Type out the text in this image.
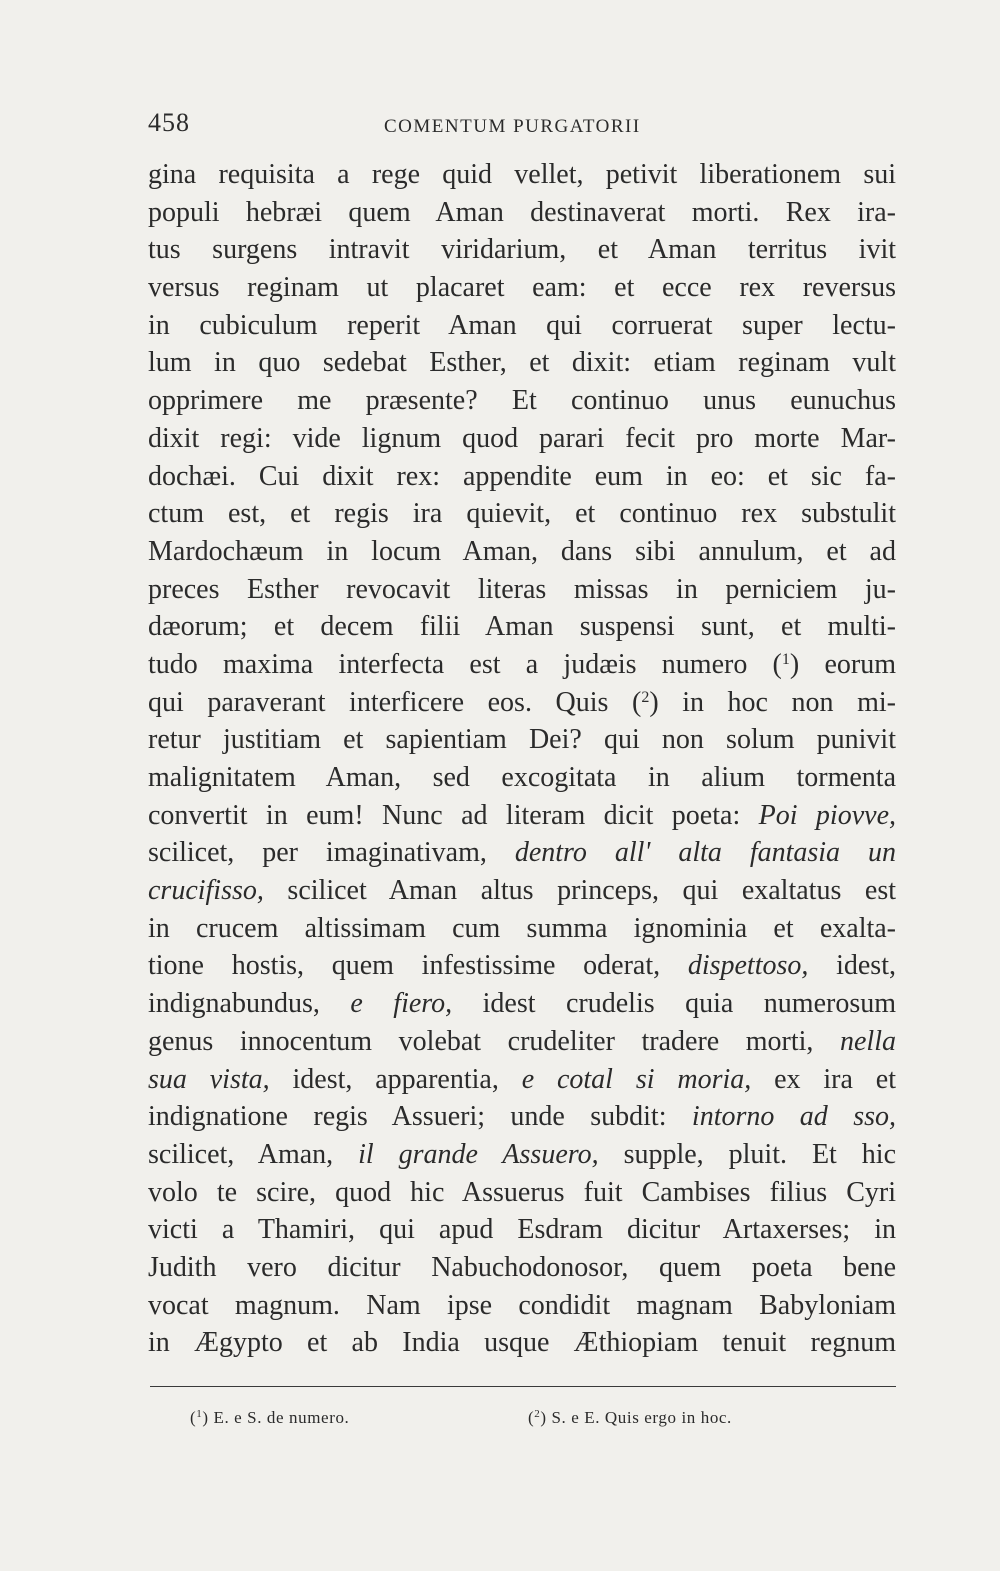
458	COMENTUM PURGATORII
gina requisita a rege quid vellet, petivit liberationem sui
populi hebræi quem Aman destinaverat morti. Rex ira-
tus surgens intravit viridarium, et Aman territus ivit
versus reginam ut placaret eam: et ecce rex reversus
in cubiculum reperit Aman qui corruerat super lectu-
lum in quo sedebat Esther, et dixit: etiam reginam vult
opprimere me præsente? Et continuo unus eunuchus
dixit regi: vide lignum quod parari fecit pro morte Mar-
dochæi. Cui dixit rex: appendite eum in eo: et sic fa-
ctum est, et regis ira quievit, et continuo rex substulit
Mardochæum in locum Aman, dans sibi annulum, et ad
preces Esther revocavit literas missas in perniciem ju-
dæorum; et decem filii Aman suspensi sunt, et multi-
tudo maxima interfecta est a judæis numero ($^1$) eorum
qui paraverant interficere eos. Quis ($^2$) in hoc non mi-
retur justitiam et sapientiam Dei? qui non solum punivit
malignitatem Aman, sed excogitata in alium tormenta
convertit in eum! Nunc ad literam dicit poeta: Poi piovve,
scilicet, per imaginativam, dentro all' alta fantasia un
crucifisso, scilicet Aman altus princeps, qui exaltatus est
in crucem altissimam cum summa ignominia et exalta-
tione hostis, quem infestissime oderat, dispettoso, idest,
indignabundus, e fiero, idest crudelis quia numerosum
genus innocentum volebat crudeliter tradere morti, nella
sua vista, idest, apparentia, e cotal si moria, ex ira et
indignatione regis Assueri; unde subdit: intorno ad sso,
scilicet, Aman, il grande Assuero, supple, pluit. Et hic
volo te scire, quod hic Assuerus fuit Cambises filius Cyri
victi a Thamiri, qui apud Esdram dicitur Artaxerses; in
Judith vero dicitur Nabuchodonosor, quem poeta bene
vocat magnum. Nam ipse condidit magnam Babyloniam
in Ægypto et ab India usque Æthiopiam tenuit regnum
($^1$) E. e S. de numero.	($^2$) S. e E. Quis ergo in hoc.
